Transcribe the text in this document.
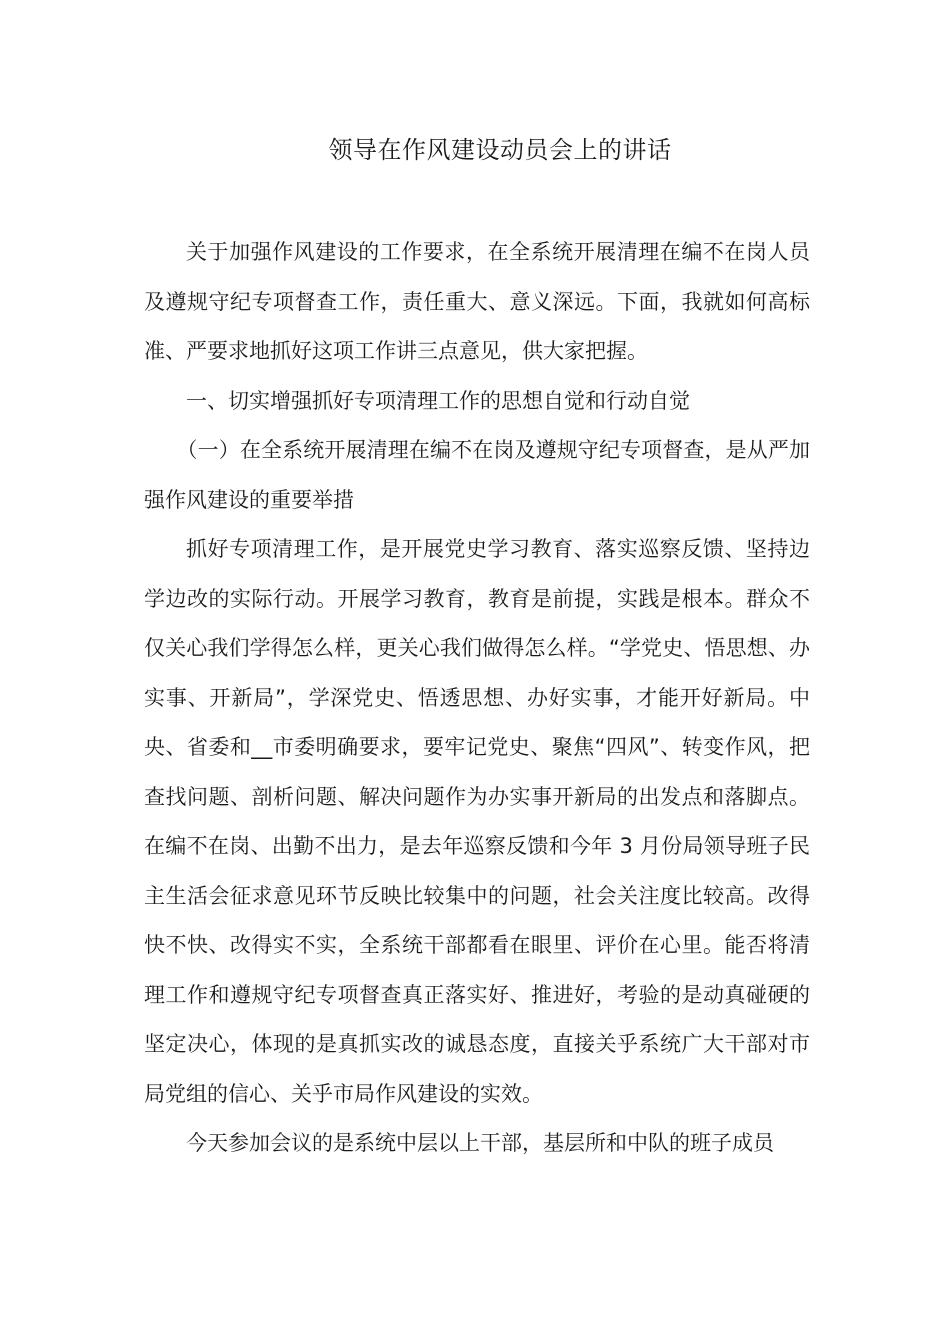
领导在作风建设动员会上的讲话

关于加强作风建设的工作要求，在全系统开展清理在编不在岗人员及遵规守纪专项督查工作，责任重大、意义深远。下面，我就如何高标准、严要求地抓好这项工作讲三点意见，供大家把握。

一、切实增强抓好专项清理工作的思想自觉和行动自觉

（一）在全系统开展清理在编不在岗及遵规守纪专项督查，是从严加强作风建设的重要举措

抓好专项清理工作，是开展党史学习教育、落实巡察反馈、坚持边学边改的实际行动。开展学习教育，教育是前提，实践是根本。群众不仅关心我们学得怎么样，更关心我们做得怎么样。“学党史、悟思想、办实事、开新局”，学深党史、悟透思想、办好实事，才能开好新局。中央、省委和__市委明确要求，要牢记党史、聚焦“四风”、转变作风，把查找问题、剖析问题、解决问题作为办实事开新局的出发点和落脚点。在编不在岗、出勤不出力，是去年巡察反馈和今年 3 月份局领导班子民主生活会征求意见环节反映比较集中的问题，社会关注度比较高。改得快不快、改得实不实，全系统干部都看在眼里、评价在心里。能否将清理工作和遵规守纪专项督查真正落实好、推进好，考验的是动真碰硬的坚定决心，体现的是真抓实改的诚恳态度，直接关乎系统广大干部对市局党组的信心、关乎市局作风建设的实效。

今天参加会议的是系统中层以上干部，基层所和中队的班子成员
